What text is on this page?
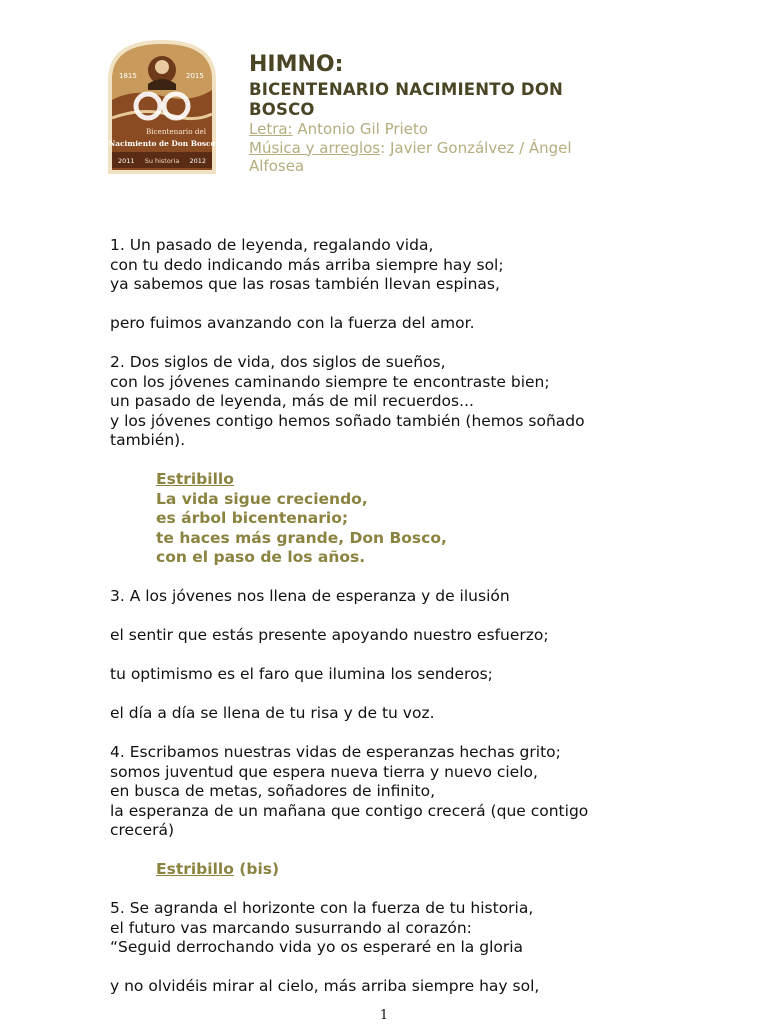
1815	2015
Bicentenario del
Nacimiento de Don Bosco
2011 Su historia 2012

HIMNO:

BICENTENARIO NACIMIENTO DON
BOSCO

Letra: Antonio Gil Prieto

Música y arreglos: Javier Gonzálvez / Ángel
Alfosea

1. Un pasado de leyenda, regalando vida,
con tu dedo indicando más arriba siempre hay sol;
ya sabemos que las rosas también llevan espinas,
pero fuimos avanzando con la fuerza del amor.
2. Dos siglos de vida, dos siglos de sueños,
con los jóvenes caminando siempre te encontraste bien;
un pasado de leyenda, más de mil recuerdos...
y los jóvenes contigo hemos soñado también (hemos soñado
también).
Estribillo
La vida sigue creciendo,
es árbol bicentenario;
te haces más grande, Don Bosco,
con el paso de los años.
3. A los jóvenes nos llena de esperanza y de ilusión
el sentir que estás presente apoyando nuestro esfuerzo;
tu optimismo es el faro que ilumina los senderos;
el día a día se llena de tu risa y de tu voz.
4. Escribamos nuestras vidas de esperanzas hechas grito;
somos juventud que espera nueva tierra y nuevo cielo,
en busca de metas, soñadores de infinito,
la esperanza de un mañana que contigo crecerá (que contigo
crecerá)
Estribillo (bis)
5. Se agranda el horizonte con la fuerza de tu historia,
el futuro vas marcando susurrando al corazón:
“Seguid derrochando vida yo os esperaré en la gloria
y no olvidéis mirar al cielo, más arriba siempre hay sol,
1
